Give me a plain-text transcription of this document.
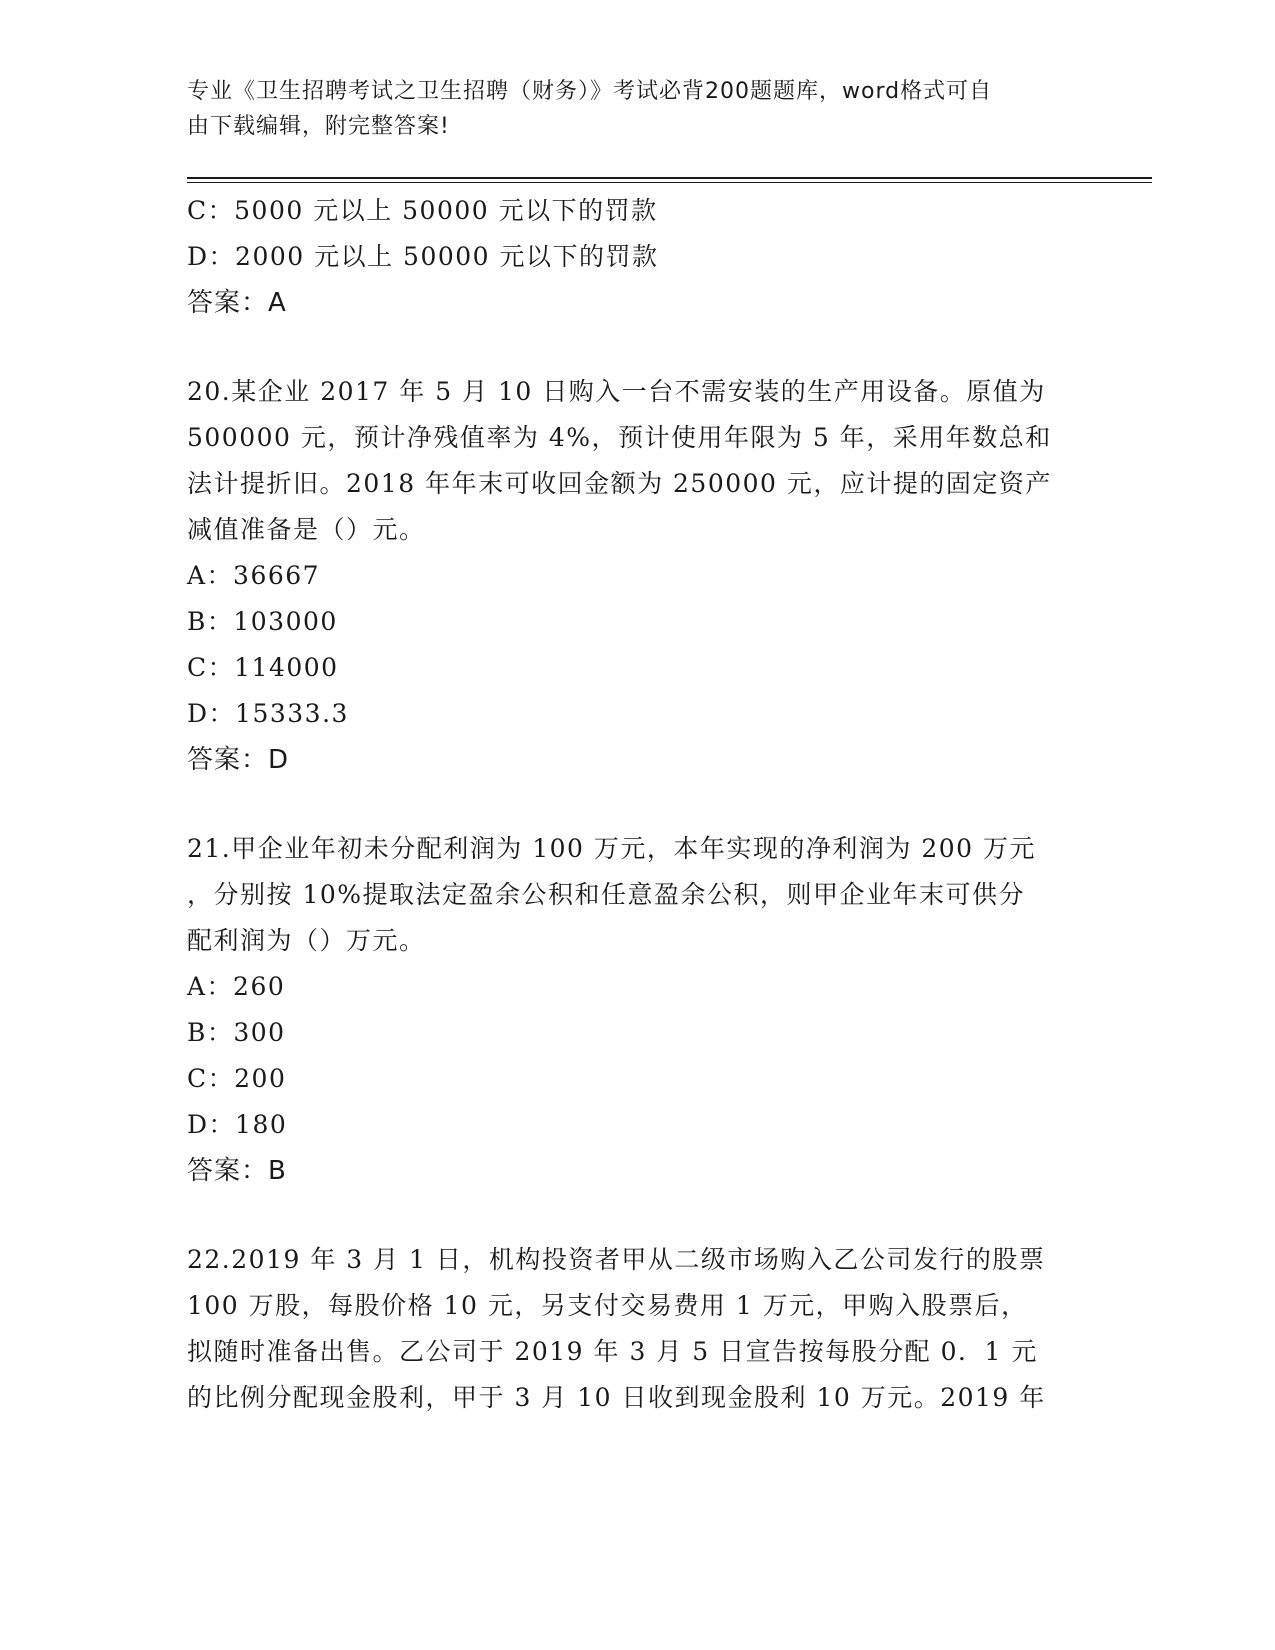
专业《卫生招聘考试之卫生招聘（财务）》考试必背200题题库，word格式可自
由下载编辑，附完整答案!
C：5000 元以上 50000 元以下的罚款
D：2000 元以上 50000 元以下的罚款
答案：A
20.某企业 2017 年 5 月 10 日购入一台不需安装的生产用设备。原值为
500000 元，预计净残值率为 4%，预计使用年限为 5 年，采用年数总和
法计提折旧。2018 年年末可收回金额为 250000 元，应计提的固定资产
减值准备是（）元。
A：36667
B：103000
C：114000
D：15333.3
答案：D
21.甲企业年初未分配利润为 100 万元，本年实现的净利润为 200 万元
，分别按 10%提取法定盈余公积和任意盈余公积，则甲企业年末可供分
配利润为（）万元。
A：260
B：300
C：200
D：180
答案：B
22.2019 年 3 月 1 日，机构投资者甲从二级市场购入乙公司发行的股票
100 万股，每股价格 10 元，另支付交易费用 1 万元，甲购入股票后，
拟随时准备出售。乙公司于 2019 年 3 月 5 日宣告按每股分配 0．1 元
的比例分配现金股利，甲于 3 月 10 日收到现金股利 10 万元。2019 年
